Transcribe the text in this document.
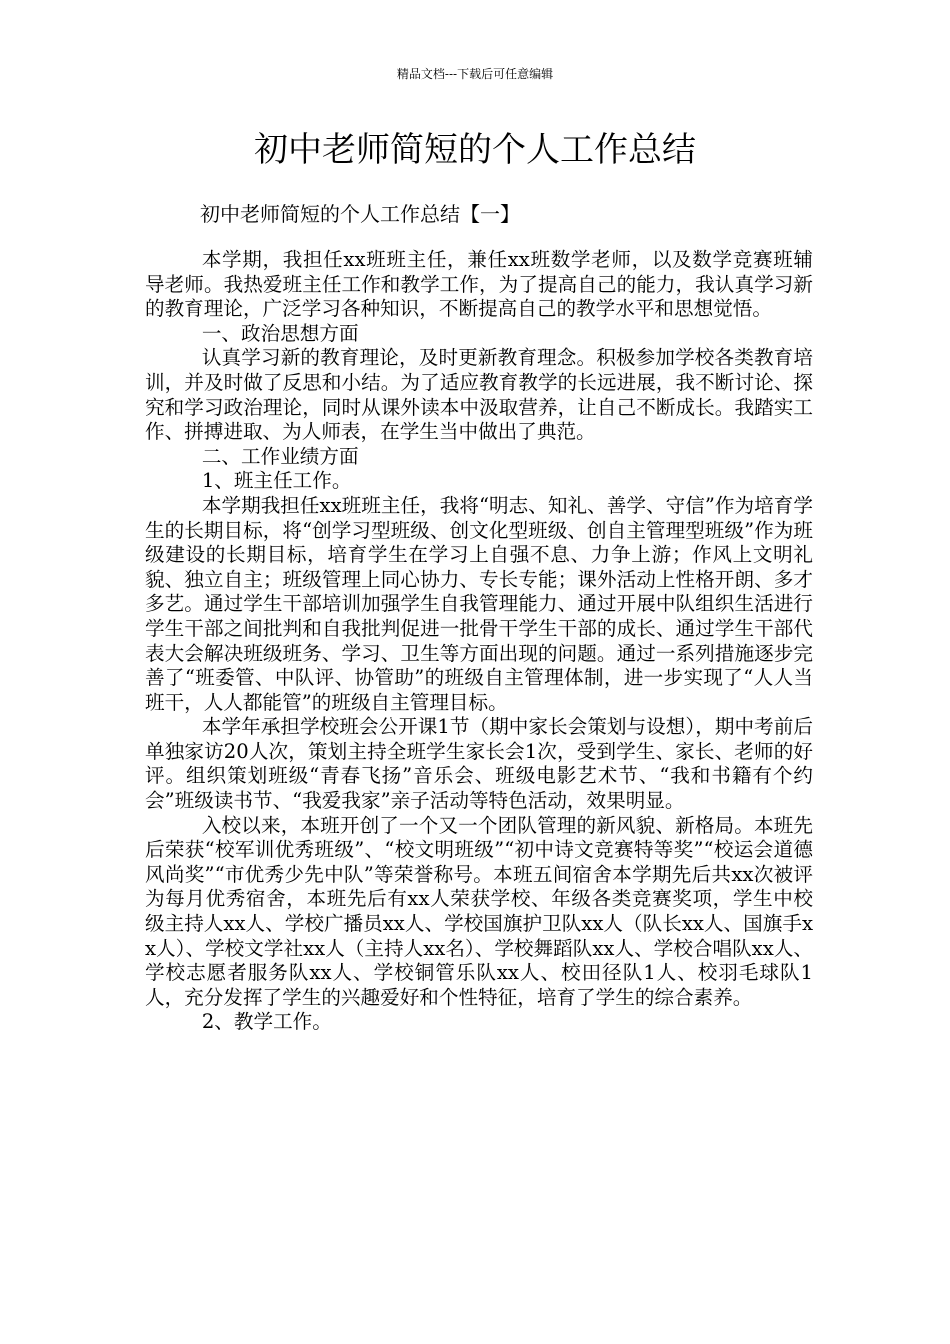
精品文档---下载后可任意编辑
初中老师简短的个人工作总结

初中老师简短的个人工作总结【一】

本学期，我担任xx班班主任，兼任xx班数学老师，以及数学竞赛班辅导老师。我热爱班主任工作和教学工作，为了提高自己的能力，我认真学习新的教育理论，广泛学习各种知识，不断提高自己的教学水平和思想觉悟。

一、政治思想方面

认真学习新的教育理论，及时更新教育理念。积极参加学校各类教育培训，并及时做了反思和小结。为了适应教育教学的长远进展，我不断讨论、探究和学习政治理论，同时从课外读本中汲取营养，让自己不断成长。我踏实工作、拼搏进取、为人师表，在学生当中做出了典范。

二、工作业绩方面

1、班主任工作。

本学期我担任xx班班主任，我将“明志、知礼、善学、守信”作为培育学生的长期目标，将“创学习型班级、创文化型班级、创自主管理型班级”作为班级建设的长期目标，培育学生在学习上自强不息、力争上游；作风上文明礼貌、独立自主；班级管理上同心协力、专长专能；课外活动上性格开朗、多才多艺。通过学生干部培训加强学生自我管理能力、通过开展中队组织生活进行学生干部之间批判和自我批判促进一批骨干学生干部的成长、通过学生干部代表大会解决班级班务、学习、卫生等方面出现的问题。通过一系列措施逐步完善了“班委管、中队评、协管助”的班级自主管理体制，进一步实现了“人人当班干，人人都能管”的班级自主管理目标。

本学年承担学校班会公开课1节（期中家长会策划与设想），期中考前后单独家访20人次，策划主持全班学生家长会1次，受到学生、家长、老师的好评。组织策划班级“青春飞扬”音乐会、班级电影艺术节、“我和书籍有个约会”班级读书节、“我爱我家”亲子活动等特色活动，效果明显。

入校以来，本班开创了一个又一个团队管理的新风貌、新格局。本班先后荣获“校军训优秀班级”、“校文明班级”“初中诗文竞赛特等奖”“校运会道德风尚奖”“市优秀少先中队”等荣誉称号。本班五间宿舍本学期先后共xx次被评为每月优秀宿舍，本班先后有xx人荣获学校、年级各类竞赛奖项，学生中校级主持人xx人、学校广播员xx人、学校国旗护卫队xx人（队长xx人、国旗手xx人）、学校文学社xx人（主持人xx名）、学校舞蹈队xx人、学校合唱队xx人、学校志愿者服务队xx人、学校铜管乐队xx人、校田径队1人、校羽毛球队1人，充分发挥了学生的兴趣爱好和个性特征，培育了学生的综合素养。

2、教学工作。
